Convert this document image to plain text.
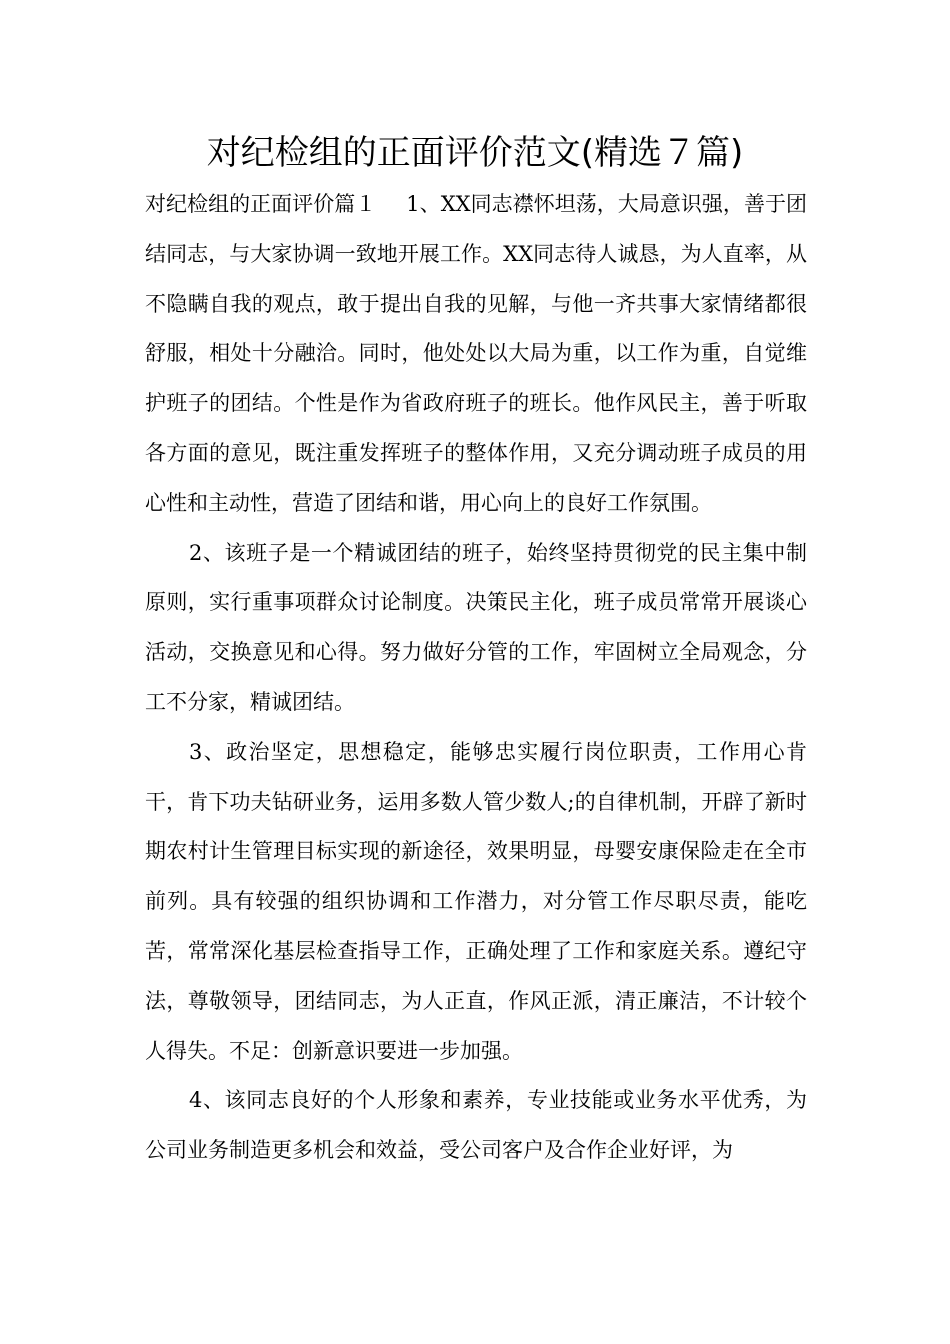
对纪检组的正面评价范文(精选７篇)

对纪检组的正面评价篇１ 1、XX同志襟怀坦荡，大局意识强，善于团结同志，与大家协调一致地开展工作。XX同志待人诚恳，为人直率，从不隐瞒自我的观点，敢于提出自我的见解，与他一齐共事大家情绪都很舒服，相处十分融洽。同时，他处处以大局为重，以工作为重，自觉维护班子的团结。个性是作为省政府班子的班长。他作风民主，善于听取各方面的意见，既注重发挥班子的整体作用，又充分调动班子成员的用心性和主动性，营造了团结和谐，用心向上的良好工作氛围。

2、该班子是一个精诚团结的班子，始终坚持贯彻党的民主集中制原则，实行重事项群众讨论制度。决策民主化，班子成员常常开展谈心活动，交换意见和心得。努力做好分管的工作，牢固树立全局观念，分工不分家，精诚团结。

3、政治坚定，思想稳定，能够忠实履行岗位职责，工作用心肯干，肯下功夫钻研业务，运用多数人管少数人;的自律机制，开辟了新时期农村计生管理目标实现的新途径，效果明显，母婴安康保险走在全市前列。具有较强的组织协调和工作潜力，对分管工作尽职尽责，能吃苦，常常深化基层检查指导工作，正确处理了工作和家庭关系。遵纪守法，尊敬领导，团结同志，为人正直，作风正派，清正廉洁，不计较个人得失。不足：创新意识要进一步加强。

4、该同志良好的个人形象和素养，专业技能或业务水平优秀，为公司业务制造更多机会和效益，受公司客户及合作企业好评，为
